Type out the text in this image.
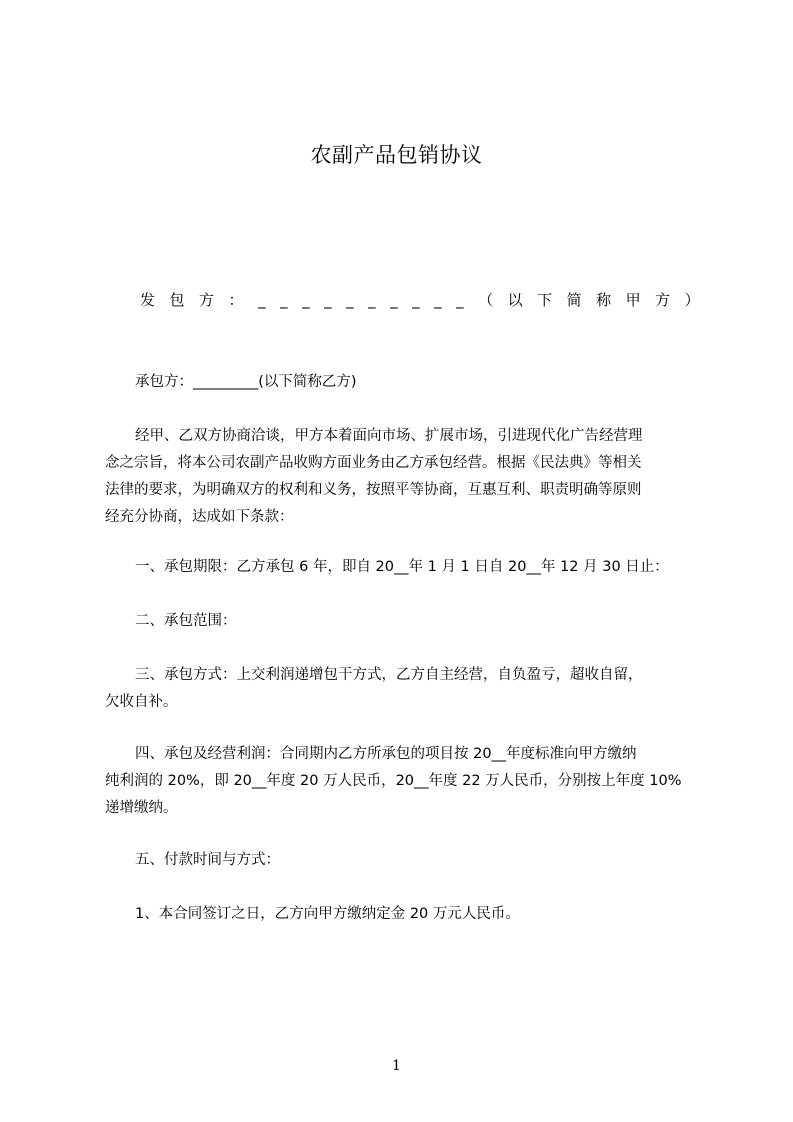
农副产品包销协议
发 包 方 ： _ _ _ _ _ _ _ _ _ _ （ 以 下 简 称 甲 方 ）
承包方：_________(以下简称乙方)
经甲、乙双方协商洽谈，甲方本着面向市场、扩展市场，引进现代化广告经营理
念之宗旨，将本公司农副产品收购方面业务由乙方承包经营。根据《民法典》等相关
法律的要求，为明确双方的权利和义务，按照平等协商，互惠互利、职责明确等原则
经充分协商，达成如下条款：
一、承包期限：乙方承包 6 年，即自 20__年 1 月 1 日自 20__年 12 月 30 日止：
二、承包范围：
三、承包方式：上交利润递增包干方式，乙方自主经营，自负盈亏，超收自留，
欠收自补。
四、承包及经营利润：合同期内乙方所承包的项目按 20__年度标准向甲方缴纳
纯利润的 20%，即 20__年度 20 万人民币，20__年度 22 万人民币，分别按上年度 10%
递增缴纳。
五、付款时间与方式：
1、本合同签订之日，乙方向甲方缴纳定金 20 万元人民币。
1
